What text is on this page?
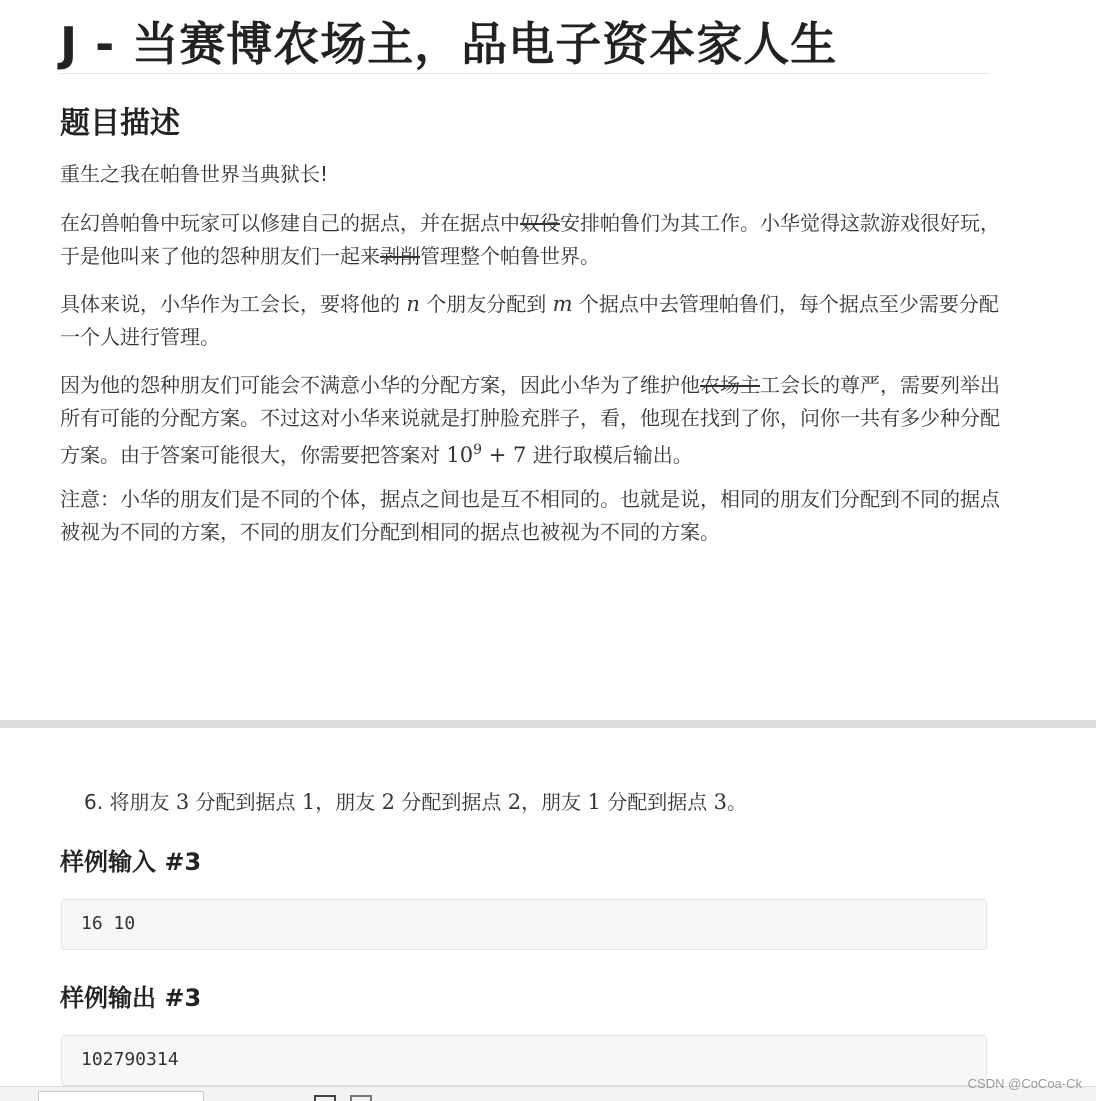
J - 当赛博农场主，品电子资本家人生
题目描述

重生之我在帕鲁世界当典狱长!

在幻兽帕鲁中玩家可以修建自己的据点，并在据点中奴役安排帕鲁们为其工作。小华觉得这款游戏很好玩，于是他叫来了他的怨种朋友们一起来剥削管理整个帕鲁世界。

具体来说，小华作为工会长，要将他的 n 个朋友分配到 m 个据点中去管理帕鲁们，每个据点至少需要分配一个人进行管理。

因为他的怨种朋友们可能会不满意小华的分配方案，因此小华为了维护他农场主工会长的尊严，需要列举出所有可能的分配方案。不过这对小华来说就是打肿脸充胖子，看，他现在找到了你，问你一共有多少种分配方案。由于答案可能很大，你需要把答案对 $10^9 + 7$ 进行取模后输出。

注意：小华的朋友们是不同的个体，据点之间也是互不相同的。也就是说，相同的朋友们分配到不同的据点被视为不同的方案，不同的朋友们分配到相同的据点也被视为不同的方案。

6. 将朋友 3 分配到据点 1，朋友 2 分配到据点 2，朋友 1 分配到据点 3。
样例输入 #3
16 10
样例输出 #3
102790314
CSDN @CoCoa-Ck
